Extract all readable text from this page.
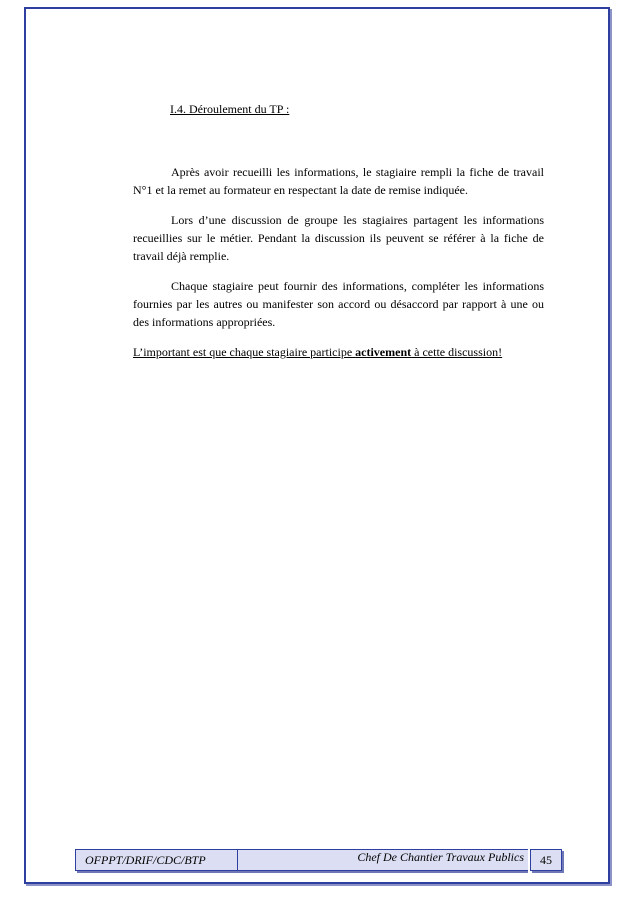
I.4. Déroulement du TP :

Après avoir recueilli les informations, le stagiaire rempli la fiche de travail N°1 et la remet au formateur en respectant la date de remise indiquée.

Lors d’une discussion de groupe les stagiaires partagent les informations recueillies sur le métier. Pendant la discussion ils peuvent se référer à la fiche de travail déjà remplie.

Chaque stagiaire peut fournir des informations, compléter les informations fournies par les autres ou manifester son accord ou désaccord par rapport à une ou des informations appropriées.

L’important est que chaque stagiaire participe activement à cette discussion!

OFPPT/DRIF/CDC/BTP	Chef De Chantier Travaux Publics	45
